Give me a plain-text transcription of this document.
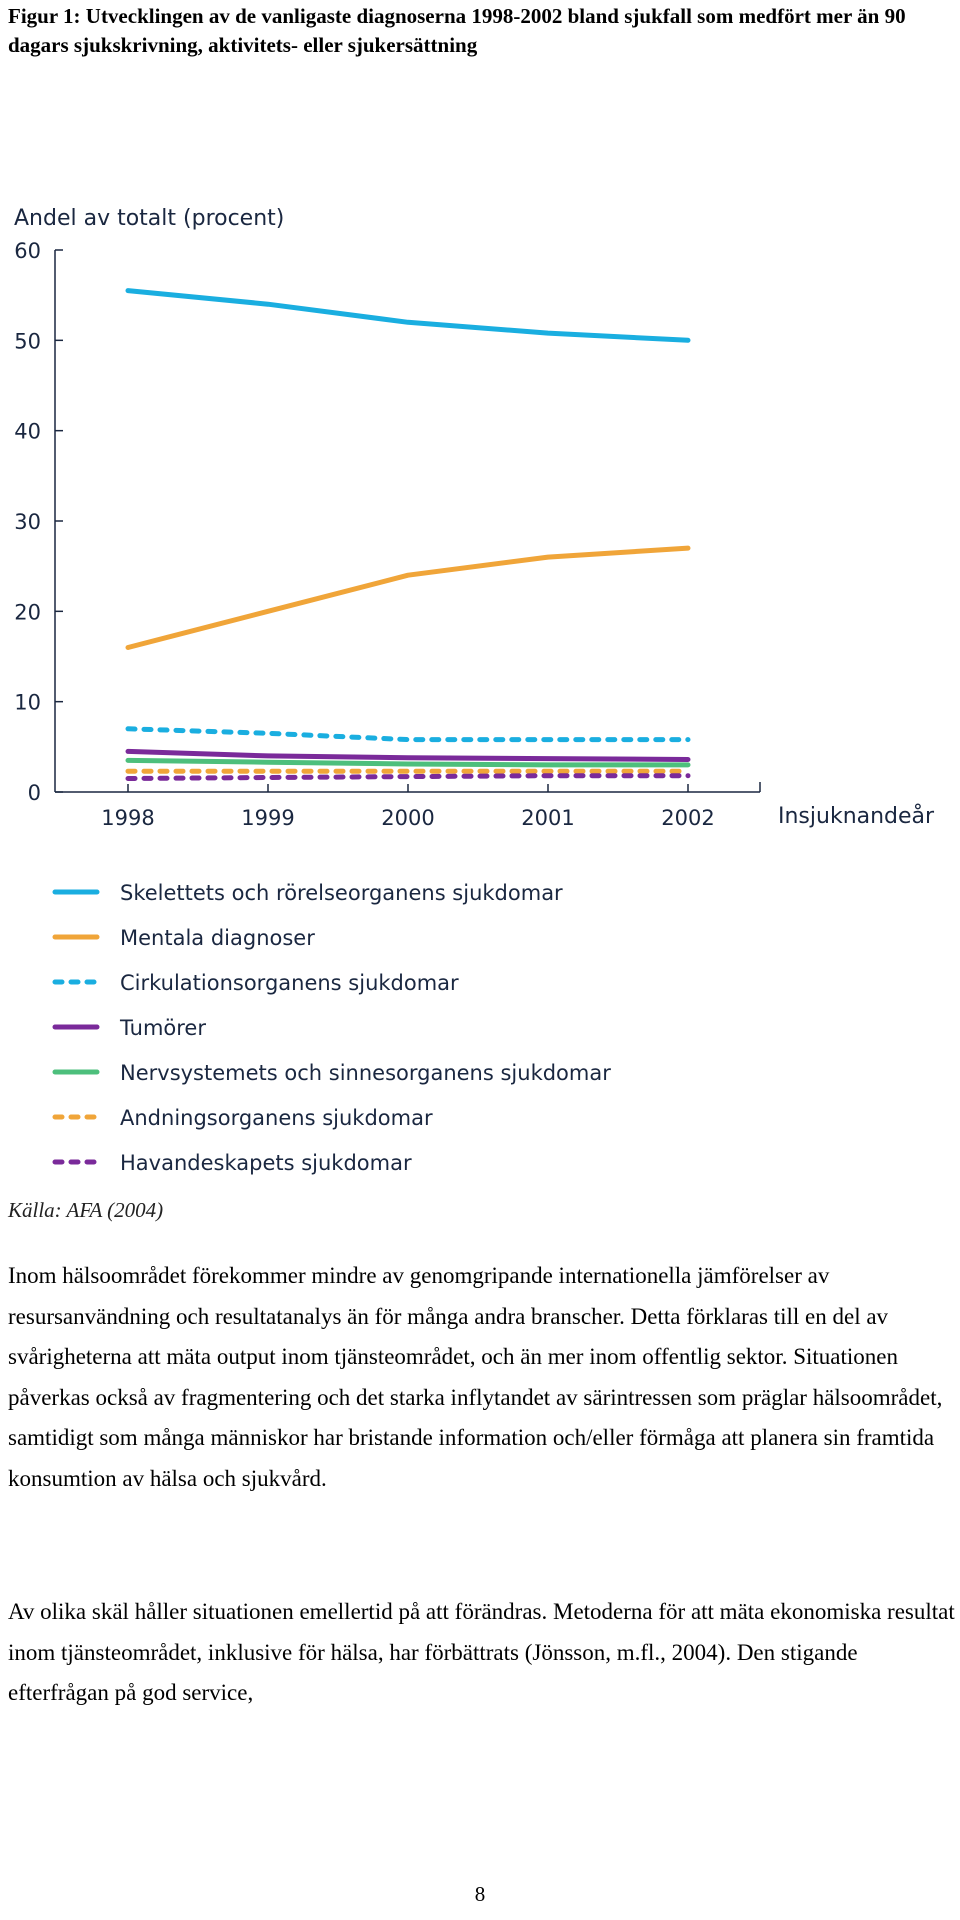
Figur 1: Utvecklingen av de vanligaste diagnoserna 1998-2002 bland sjukfall som medfört mer än 90 dagars sjukskrivning, aktivitets- eller sjukersättning

Andel av totalt (procent)
Insjuknandeår
0
10
20
30
40
50
60
1998	1999	2000	2001	2002
Skelettets och rörelseorganens sjukdomar
Mentala diagnoser
Cirkulationsorganens sjukdomar
Tumörer
Nervsystemets och sinnesorganens sjukdomar
Andningsorganens sjukdomar
Havandeskapets sjukdomar

Källa: AFA (2004)

Inom hälsoområdet förekommer mindre av genomgripande internationella jämförelser av resursanvändning och resultatanalys än för många andra branscher. Detta förklaras till en del av svårigheterna att mäta output inom tjänsteområdet, och än mer inom offentlig sektor. Situationen påverkas också av fragmentering och det starka inflytandet av särintressen som präglar hälsoområdet, samtidigt som många människor har bristande information och/eller förmåga att planera sin framtida konsumtion av hälsa och sjukvård.

Av olika skäl håller situationen emellertid på att förändras. Metoderna för att mäta ekonomiska resultat inom tjänsteområdet, inklusive för hälsa, har förbättrats (Jönsson, m.fl., 2004). Den stigande efterfrågan på god service,

8
